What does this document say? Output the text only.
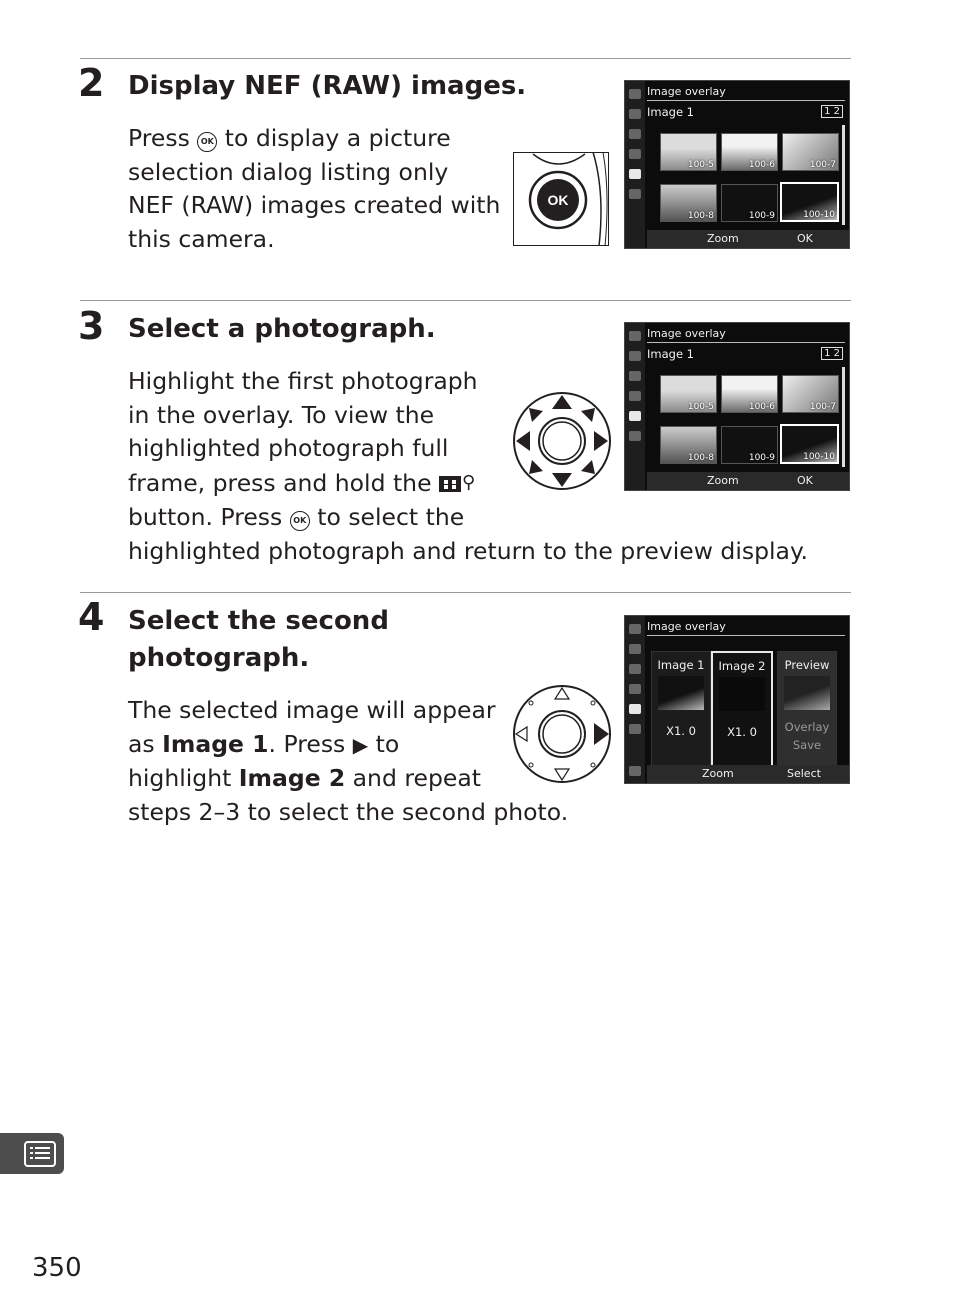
2 Display NEF (RAW) images.
Press OK to display a picture
selection dialog listing only
NEF (RAW) images created with
this camera.
OK
Image overlay
Image 1	1 2
100-5	100-6	100-7
100-8	100-9	100-10
Zoom	OK
3 Select a photograph.
Highlight the first photograph
in the overlay. To view the
highlighted photograph full
frame, press and hold the ⚲
button. Press OK to select the
highlighted photograph and return to the preview display.
Image overlay
Image 1	1 2
100-5	100-6	100-7
100-8	100-9	100-10
Zoom	OK
4 Select the second
photograph.
The selected image will appear
as Image 1. Press ▶ to
highlight Image 2 and repeat
steps 2–3 to select the second photo.
Image overlay
Image 1
X1. 0
Image 2
X1. 0
Preview
Overlay
Save
Zoom	Select
350
